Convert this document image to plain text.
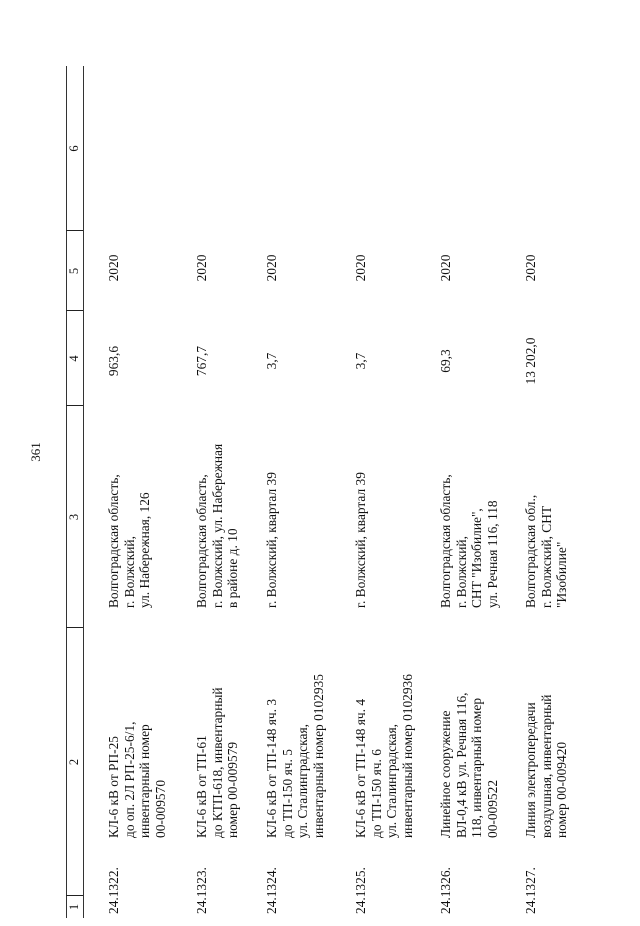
361
1
2
3
4
5
6
24.1322.
КЛ-6 кВ от РП-25
до оп. 2Л РП-25-6/1,
инвентарный номер
00-009570
Волгоградская область,
г. Волжский,
ул. Набережная, 126
963,6
2020
24.1323.
КЛ-6 кВ от ТП-61
до КТП-618, инвентарный
номер 00-009579
Волгоградская область,
г. Волжский, ул. Набережная
в районе д. 10
767,7
2020
24.1324.
КЛ-6 кВ от ТП-148 яч. 3
до ТП-150 яч. 5
ул. Сталинградская,
инвентарный номер 0102935
г. Волжский, квартал 39
3,7
2020
24.1325.
КЛ-6 кВ от ТП-148 яч. 4
до ТП-150 яч. 6
ул. Сталинградская,
инвентарный номер 0102936
г. Волжский, квартал 39
3,7
2020
24.1326.
Линейное сооружение
ВЛ-0,4 кВ ул. Речная 116,
118, инвентарный номер
00-009522
Волгоградская область,
г. Волжский,
СНТ "Изобилие",
ул. Речная 116, 118
69,3
2020
24.1327.
Линия электропередачи
воздушная, инвентарный
номер 00-009420
Волгоградская обл.,
г. Волжский, СНТ
"Изобилие"
13 202,0
2020
